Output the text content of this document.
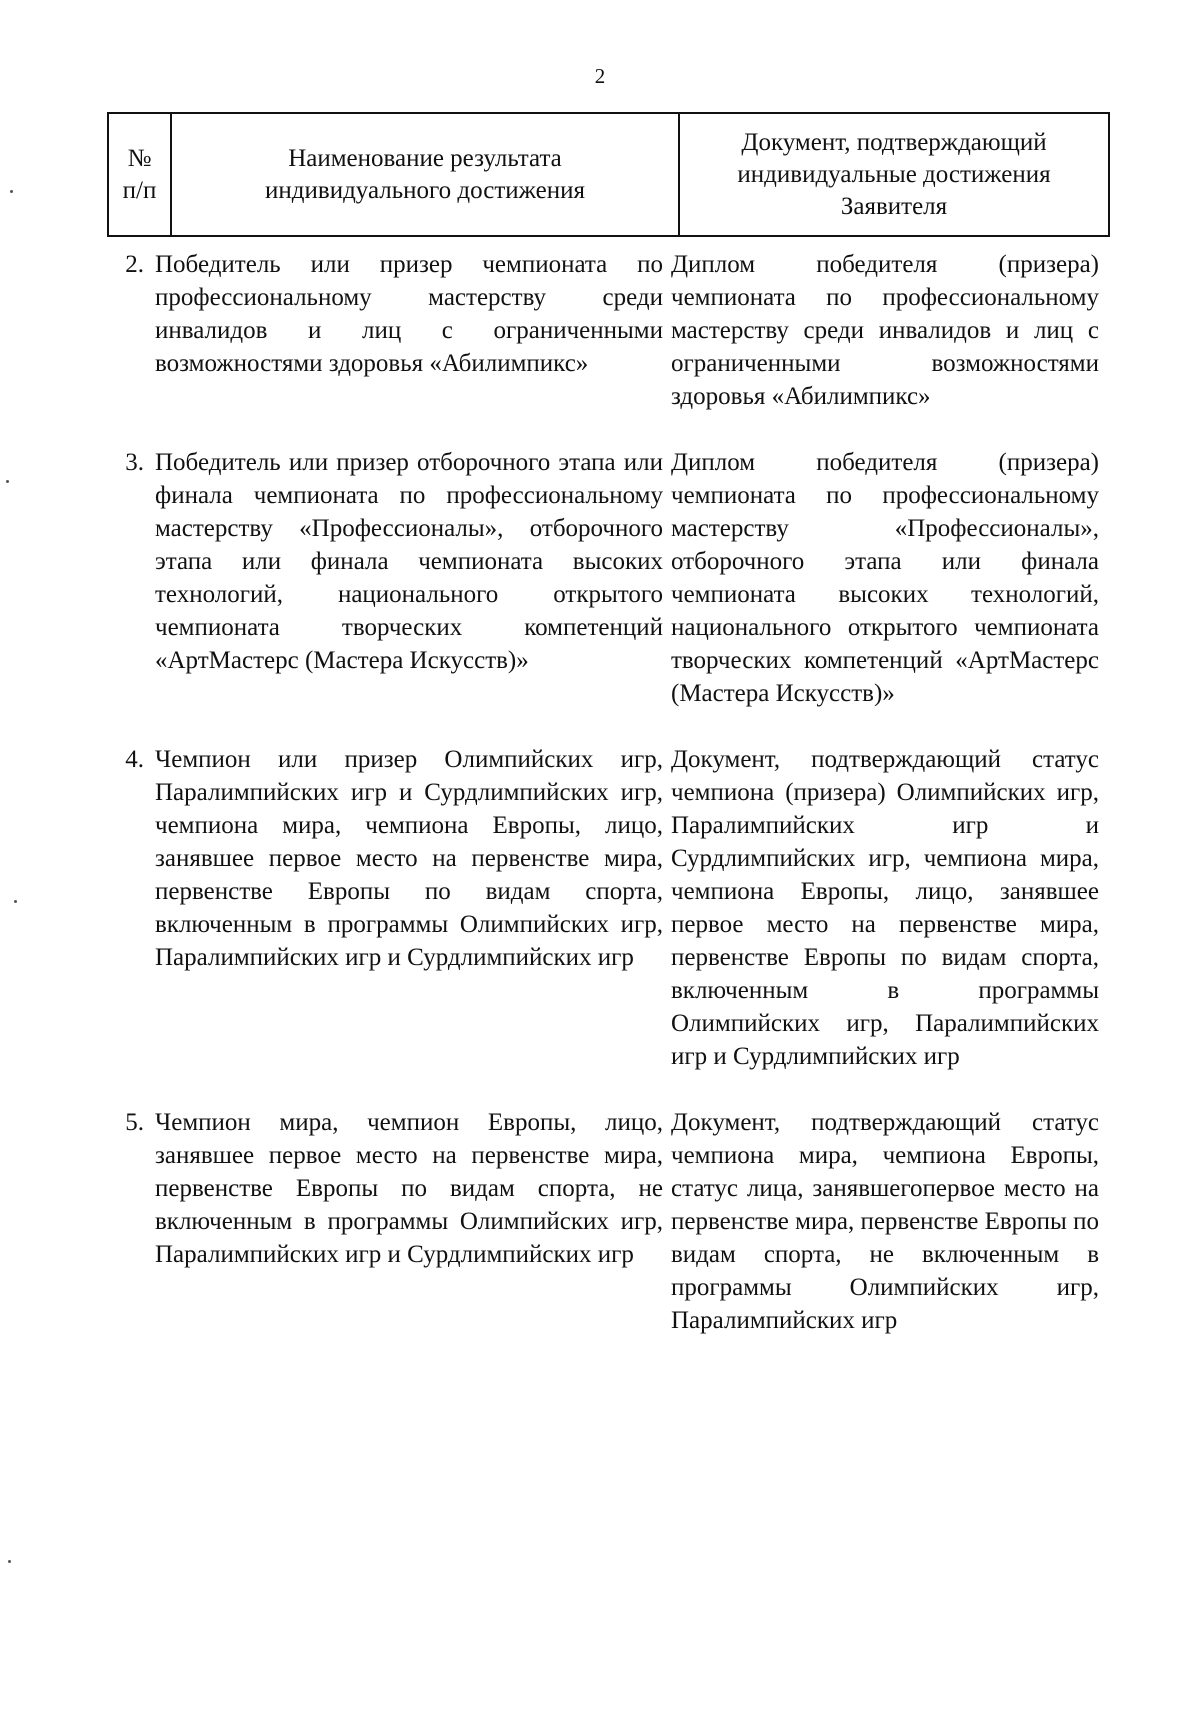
2
№
п/п
Наименование результата
индивидуального достижения
Документ, подтверждающий
индивидуальные достижения
Заявителя
2. Победитель или призер чемпионата по профессиональному мастерству среди инвалидов и лиц с ограниченными возможностями здоровья «Абилимпикс»
Диплом победителя (призера) чемпионата по профессиональному мастерству среди инвалидов и лиц с ограниченными возможностями здоровья «Абилимпикс»
3. Победитель или призер отборочного этапа или финала чемпионата по профессиональному мастерству «Профессионалы», отборочного этапа или финала чемпионата высоких технологий, национального открытого чемпионата творческих компетенций «АртМастерс (Мастера Искусств)»
Диплом победителя (призера) чемпионата по профессиональному мастерству «Профессионалы», отборочного этапа или финала чемпионата высоких технологий, национального открытого чемпионата творческих компетенций «АртМастерс (Мастера Искусств)»
4. Чемпион или призер Олимпийских игр, Паралимпийских игр и Сурдлимпийских игр, чемпиона мира, чемпиона Европы, лицо, занявшее первое место на первенстве мира, первенстве Европы по видам спорта, включенным в программы Олимпийских игр, Паралимпийских игр и Сурдлимпийских игр
Документ, подтверждающий статус чемпиона (призера) Олимпийских игр, Паралимпийских игр и Сурдлимпийских игр, чемпиона мира, чемпиона Европы, лицо, занявшее первое место на первенстве мира, первенстве Европы по видам спорта, включенным в программы Олимпийских игр, Паралимпийских игр и Сурдлимпийских игр
5. Чемпион мира, чемпион Европы, лицо, занявшее первое место на первенстве мира, первенстве Европы по видам спорта, не включенным в программы Олимпийских игр, Паралимпийских игр и Сурдлимпийских игр
Документ, подтверждающий статус чемпиона мира, чемпиона Европы, статус лица, занявшегопервое место на первенстве мира, первенстве Европы по видам спорта, не включенным в программы Олимпийских игр, Паралимпийских игр
